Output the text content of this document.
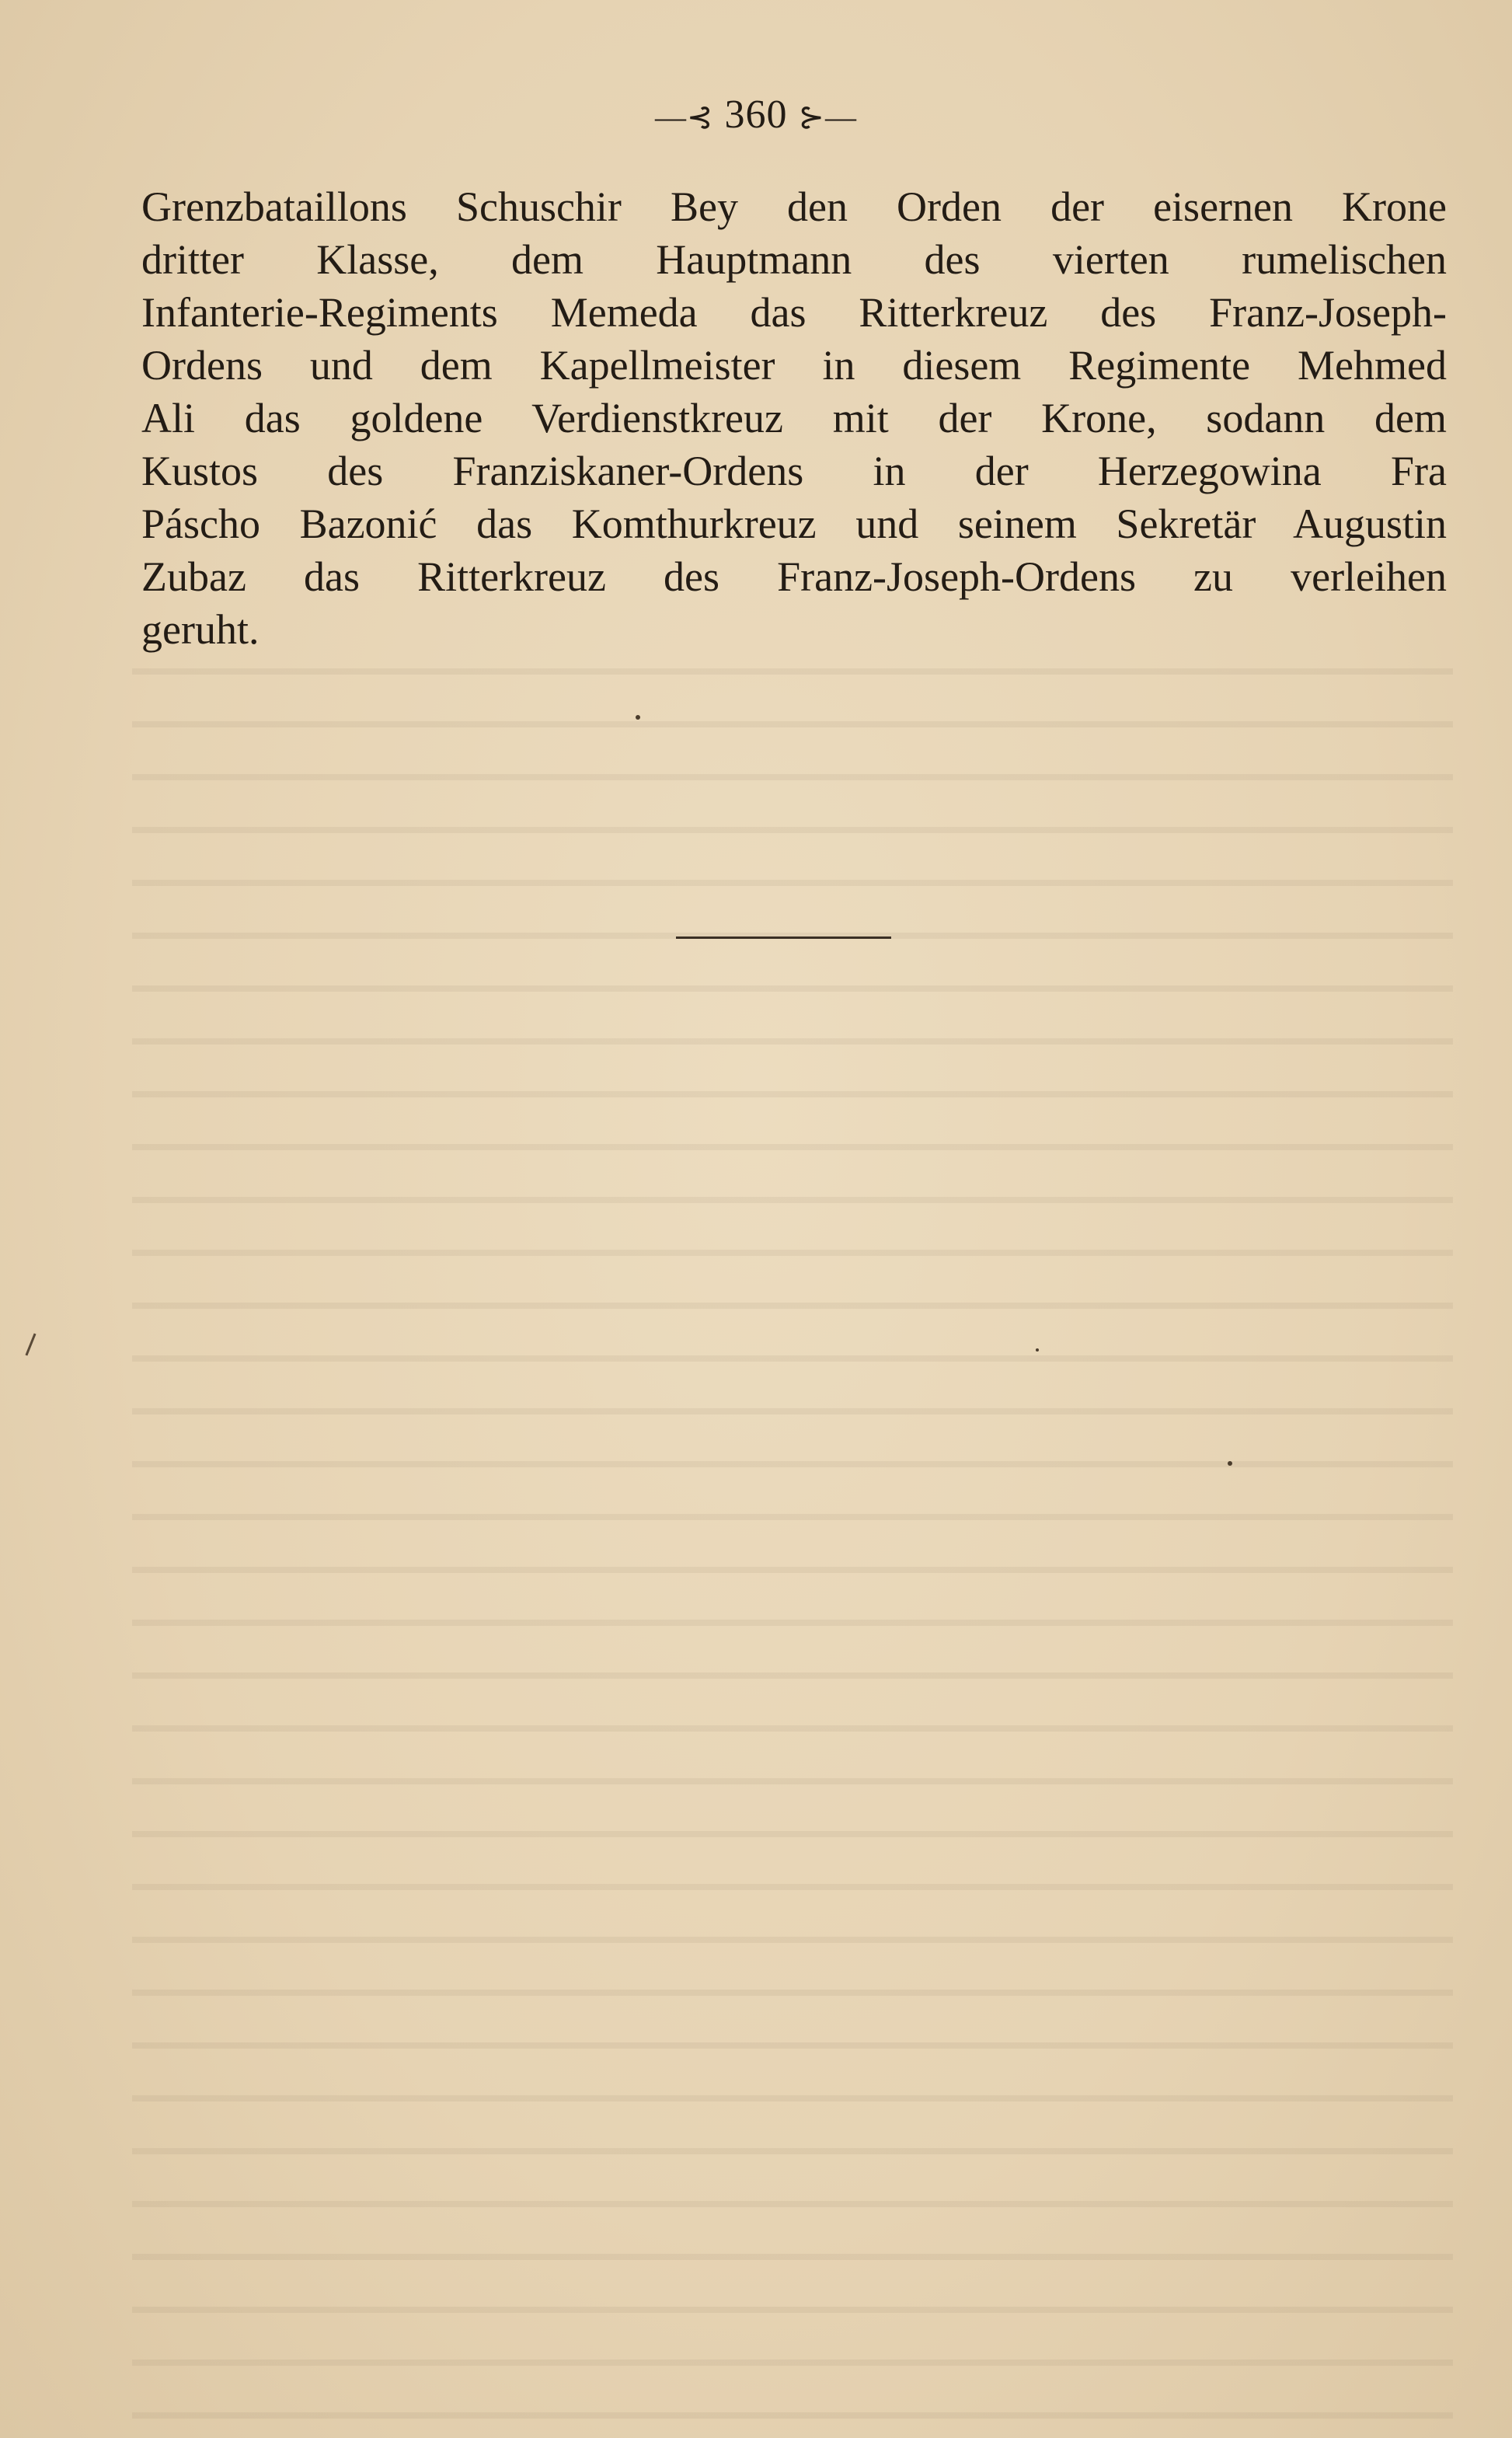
—⊰ 360 ⊱—

Grenzbataillons Schuschir Bey den Orden der eisernen Krone
dritter Klasse, dem Hauptmann des vierten rumelischen
Infanterie-Regiments Memeda das Ritterkreuz des Franz-Joseph-
Ordens und dem Kapellmeister in diesem Regimente Mehmed
Ali das goldene Verdienstkreuz mit der Krone, sodann dem
Kustos des Franziskaner-Ordens in der Herzegowina Fra
Páscho Bazonić das Komthurkreuz und seinem Sekretär Augustin
Zubaz das Ritterkreuz des Franz-Joseph-Ordens zu verleihen
geruht.
